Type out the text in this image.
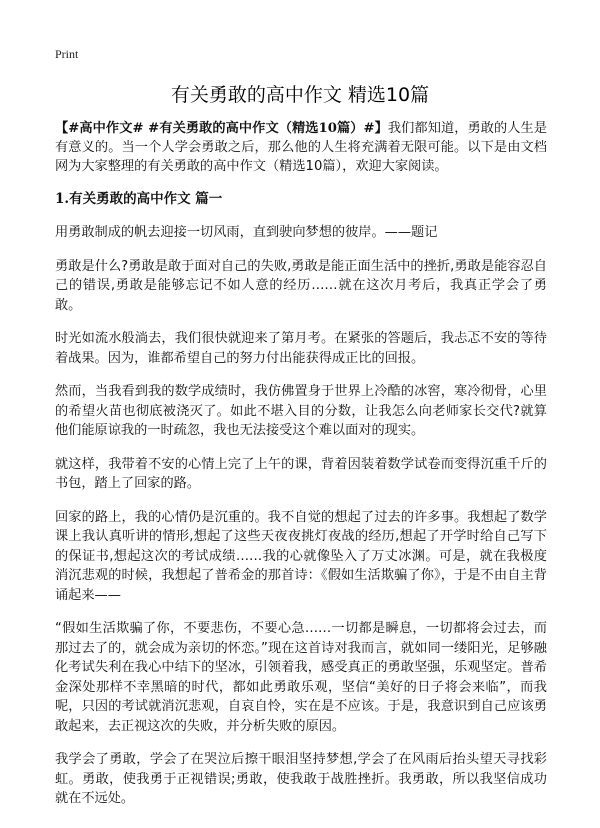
Print
有关勇敢的高中作文 精选10篇

【#高中作文# #有关勇敢的高中作文（精选10篇）#】我们都知道，勇敢的人生是有意义的。当一个人学会勇敢之后，那么他的人生将充满着无限可能。以下是由文档网为大家整理的有关勇敢的高中作文（精选10篇），欢迎大家阅读。

1.有关勇敢的高中作文 篇一

用勇敢制成的帆去迎接一切风雨，直到驶向梦想的彼岸。——题记

勇敢是什么?勇敢是敢于面对自己的失败,勇敢是能正面生活中的挫折,勇敢是能容忍自己的错误,勇敢是能够忘记不如人意的经历……就在这次月考后，我真正学会了勇敢。

时光如流水般淌去，我们很快就迎来了第月考。在紧张的答题后，我忐忑不安的等待着战果。因为，谁都希望自己的努力付出能获得成正比的回报。

然而，当我看到我的数学成绩时，我仿佛置身于世界上冷酷的冰窖，寒冷彻骨，心里的希望火苗也彻底被浇灭了。如此不堪入目的分数，让我怎么向老师家长交代?就算他们能原谅我的一时疏忽，我也无法接受这个难以面对的现实。

就这样，我带着不安的心情上完了上午的课，背着因装着数学试卷而变得沉重千斤的书包，踏上了回家的路。

回家的路上，我的心情仍是沉重的。我不自觉的想起了过去的许多事。我想起了数学课上我认真听讲的情形,想起了这些天夜夜挑灯夜战的经历,想起了开学时给自己写下的保证书,想起这次的考试成绩……我的心就像坠入了万丈冰渊。可是，就在我极度消沉悲观的时候，我想起了普希金的那首诗：《假如生活欺骗了你》，于是不由自主背诵起来——

“假如生活欺骗了你，不要悲伤，不要心急……一切都是瞬息，一切都将会过去，而那过去了的，就会成为亲切的怀恋。”现在这首诗对我而言，就如同一缕阳光，足够融化考试失利在我心中结下的坚冰，引领着我，感受真正的勇敢坚强，乐观坚定。普希金深处那样不幸黑暗的时代，都如此勇敢乐观，坚信“美好的日子将会来临”，而我呢，只因的考试就消沉悲观，自哀自怜，实在是不应该。于是，我意识到自己应该勇敢起来，去正视这次的失败，并分析失败的原因。

我学会了勇敢，学会了在哭泣后擦干眼泪坚持梦想,学会了在风雨后抬头望天寻找彩虹。勇敢，使我勇于正视错误;勇敢，使我敢于战胜挫折。我勇敢，所以我坚信成功就在不远处。
